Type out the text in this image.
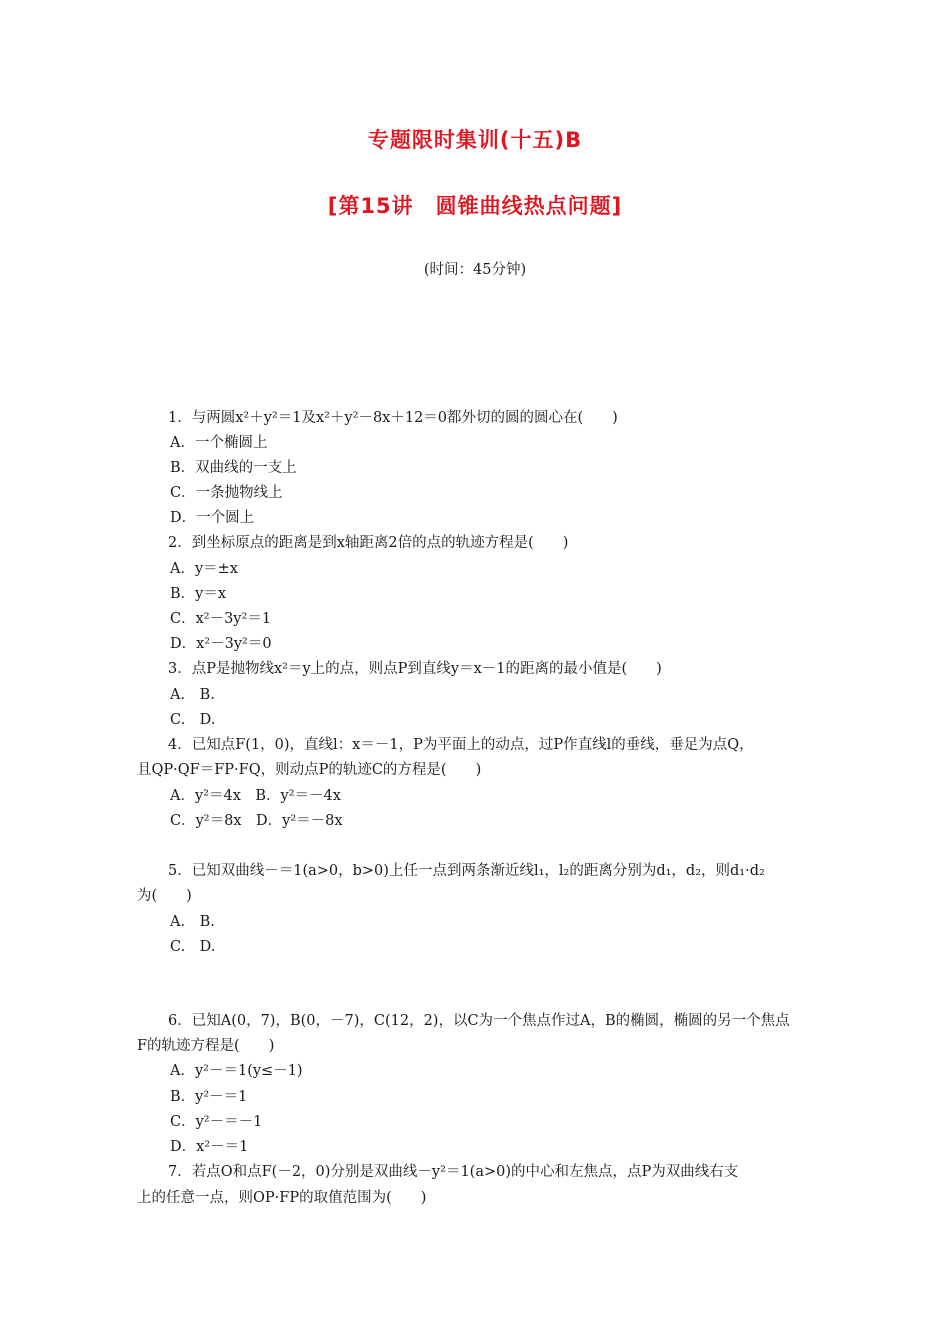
专题限时集训(十五)B
[第15讲　圆锥曲线热点问题]
(时间：45分钟)
1．与两圆x²＋y²＝1及x²＋y²－8x＋12＝0都外切的圆的圆心在(　　)
A．一个椭圆上
B．双曲线的一支上
C．一条抛物线上
D．一个圆上
2．到坐标原点的距离是到x轴距离2倍的点的轨迹方程是(　　)
A．y＝±x
B．y＝x
C．x²－3y²＝1
D．x²－3y²＝0
3．点P是抛物线x²＝y上的点，则点P到直线y＝x－1的距离的最小值是(　　)
A.　B.
C.　D.
4．已知点F(1，0)，直线l：x＝－1，P为平面上的动点，过P作直线l的垂线，垂足为点Q，
且QP·QF＝FP·FQ，则动点P的轨迹C的方程是(　　)
A．y²＝4x　B．y²＝－4x
C．y²＝8x　D．y²＝－8x
5．已知双曲线－＝1(a>0，b>0)上任一点到两条渐近线l₁，l₂的距离分别为d₁，d₂，则d₁·d₂
为(　　)
A.　B.
C.　D.
6．已知A(0，7)，B(0，－7)，C(12，2)，以C为一个焦点作过A，B的椭圆，椭圆的另一个焦点
F的轨迹方程是(　　)
A．y²－＝1(y≤－1)
B．y²－＝1
C．y²－＝－1
D．x²－＝1
7．若点O和点F(－2，0)分别是双曲线－y²＝1(a>0)的中心和左焦点，点P为双曲线右支
上的任意一点，则OP·FP的取值范围为(　　)
